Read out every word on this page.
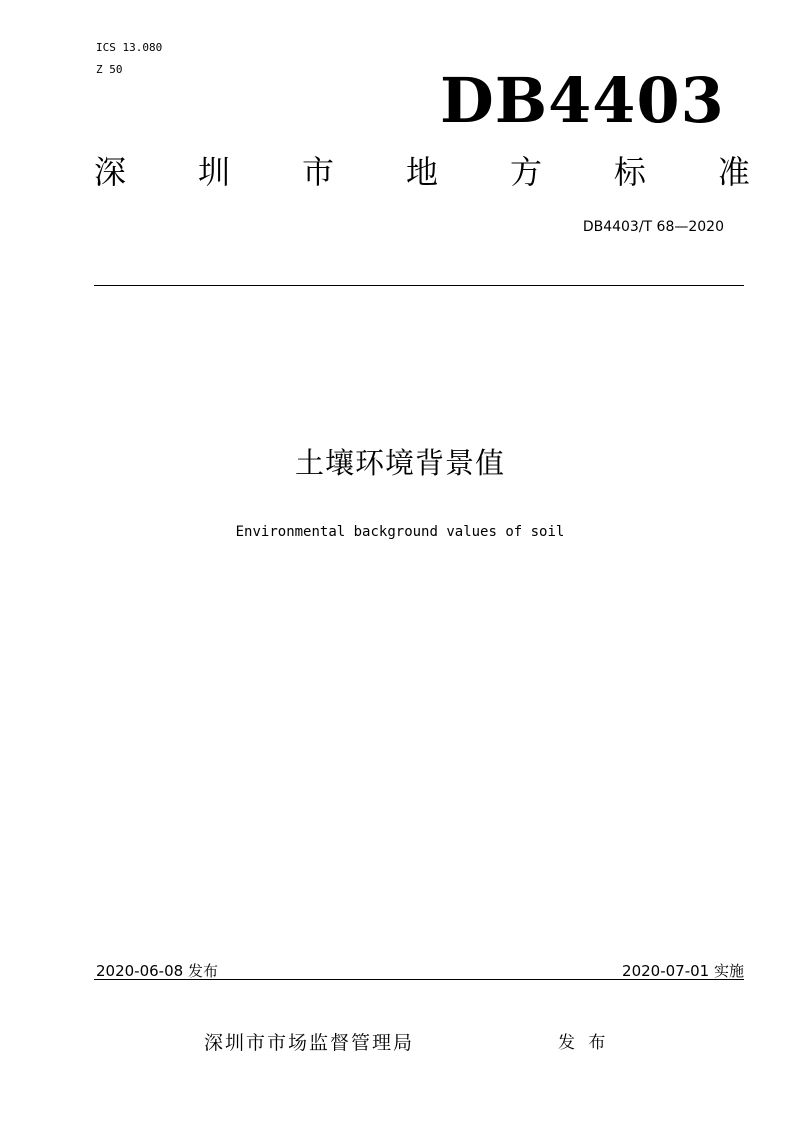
ICS 13.080
Z 50	DB4403
深 圳 市 地 方 标 准
DB4403/T 68—2020
土壤环境背景值
Environmental background values of soil
2020-06-08 发布	2020-07-01 实施
深圳市市场监督管理局	发 布
